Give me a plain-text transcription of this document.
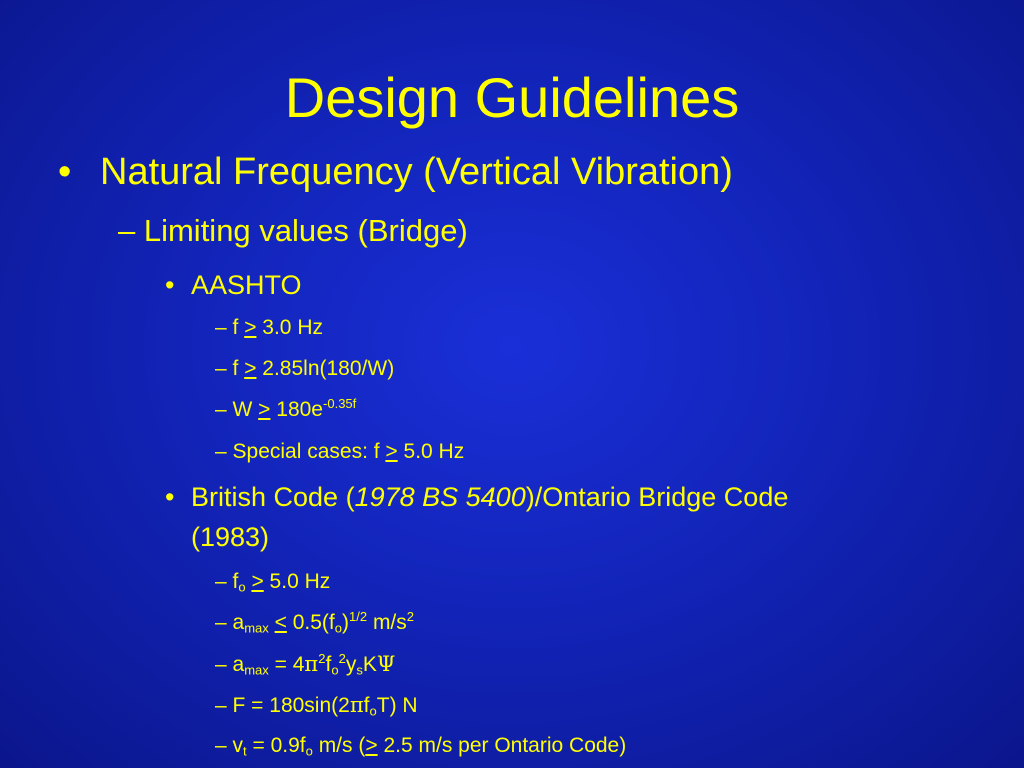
Design Guidelines
• Natural Frequency (Vertical Vibration)
– Limiting values (Bridge)
• AASHTO
– f ≥ 3.0 Hz
– f ≥ 2.85ln(180/W)
– $W \ge 180e^{-0.35f}$
– Special cases: f ≥ 5.0 Hz
• British Code (1978 BS 5400)/Ontario Bridge Code
(1983)
– $f_o \ge 5.0$ Hz
– $a_{max} \le 0.5(f_o)^{1/2}$ $m/s^2$
– $a_{max} = 4\pi^2f_o^2y_sK\Psi$
– $F = 180\sin(2\pi f_oT)$ N
– $v_t = 0.9f_o$ m/s (≥ 2.5 m/s per Ontario Code)
